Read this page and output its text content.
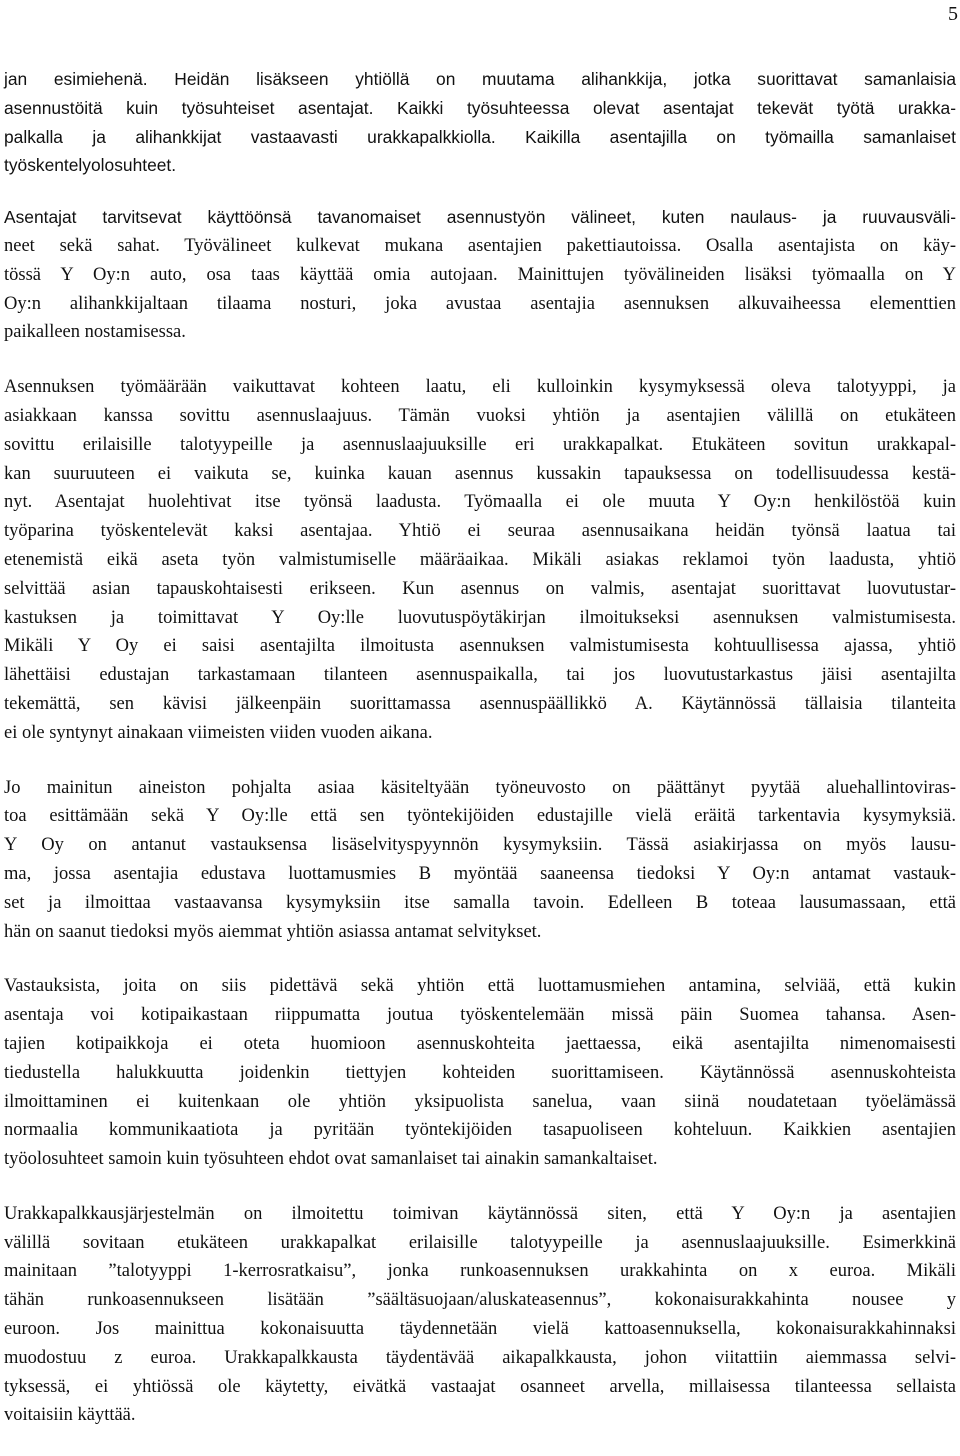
5
jan esimiehenä. Heidän lisäkseen yhtiöllä on muutama alihankkija, jotka suorittavat samanlaisia
asennustöitä kuin työsuhteiset asentajat. Kaikki työsuhteessa olevat asentajat tekevät työtä urakka-
palkalla ja alihankkijat vastaavasti urakkapalkkiolla. Kaikilla asentajilla on työmailla samanlaiset
työskentelyolosuhteet.
Asentajat tarvitsevat käyttöönsä tavanomaiset asennustyön välineet, kuten naulaus- ja ruuvausväli-
neet sekä sahat. Työvälineet kulkevat mukana asentajien pakettiautoissa. Osalla asentajista on käy-
tössä Y Oy:n auto, osa taas käyttää omia autojaan. Mainittujen työvälineiden lisäksi työmaalla on Y
Oy:n alihankkijaltaan tilaama nosturi, joka avustaa asentajia asennuksen alkuvaiheessa elementtien
paikalleen nostamisessa.
Asennuksen työmäärään vaikuttavat kohteen laatu, eli kulloinkin kysymyksessä oleva talotyyppi, ja
asiakkaan kanssa sovittu asennuslaajuus. Tämän vuoksi yhtiön ja asentajien välillä on etukäteen
sovittu erilaisille talotyypeille ja asennuslaajuuksille eri urakkapalkat. Etukäteen sovitun urakkapal-
kan suuruuteen ei vaikuta se, kuinka kauan asennus kussakin tapauksessa on todellisuudessa kestä-
nyt. Asentajat huolehtivat itse työnsä laadusta. Työmaalla ei ole muuta Y Oy:n henkilöstöä kuin
työparina työskentelevät kaksi asentajaa. Yhtiö ei seuraa asennusaikana heidän työnsä laatua tai
etenemistä eikä aseta työn valmistumiselle määräaikaa. Mikäli asiakas reklamoi työn laadusta, yhtiö
selvittää asian tapauskohtaisesti erikseen. Kun asennus on valmis, asentajat suorittavat luovutustar-
kastuksen ja toimittavat Y Oy:lle luovutuspöytäkirjan ilmoitukseksi asennuksen valmistumisesta.
Mikäli Y Oy ei saisi asentajilta ilmoitusta asennuksen valmistumisesta kohtuullisessa ajassa, yhtiö
lähettäisi edustajan tarkastamaan tilanteen asennuspaikalla, tai jos luovutustarkastus jäisi asentajilta
tekemättä, sen kävisi jälkeenpäin suorittamassa asennuspäällikkö A. Käytännössä tällaisia tilanteita
ei ole syntynyt ainakaan viimeisten viiden vuoden aikana.
Jo mainitun aineiston pohjalta asiaa käsiteltyään työneuvosto on päättänyt pyytää aluehallintoviras-
toa esittämään sekä Y Oy:lle että sen työntekijöiden edustajille vielä eräitä tarkentavia kysymyksiä.
Y Oy on antanut vastauksensa lisäselvityspyynnön kysymyksiin. Tässä asiakirjassa on myös lausu-
ma, jossa asentajia edustava luottamusmies B myöntää saaneensa tiedoksi Y Oy:n antamat vastauk-
set ja ilmoittaa vastaavansa kysymyksiin itse samalla tavoin. Edelleen B toteaa lausumassaan, että
hän on saanut tiedoksi myös aiemmat yhtiön asiassa antamat selvitykset.
Vastauksista, joita on siis pidettävä sekä yhtiön että luottamusmiehen antamina, selviää, että kukin
asentaja voi kotipaikastaan riippumatta joutua työskentelemään missä päin Suomea tahansa. Asen-
tajien kotipaikkoja ei oteta huomioon asennuskohteita jaettaessa, eikä asentajilta nimenomaisesti
tiedustella halukkuutta joidenkin tiettyjen kohteiden suorittamiseen. Käytännössä asennuskohteista
ilmoittaminen ei kuitenkaan ole yhtiön yksipuolista sanelua, vaan siinä noudatetaan työelämässä
normaalia kommunikaatiota ja pyritään työntekijöiden tasapuoliseen kohteluun. Kaikkien asentajien
työolosuhteet samoin kuin työsuhteen ehdot ovat samanlaiset tai ainakin samankaltaiset.
Urakkapalkkausjärjestelmän on ilmoitettu toimivan käytännössä siten, että Y Oy:n ja asentajien
välillä sovitaan etukäteen urakkapalkat erilaisille talotyypeille ja asennuslaajuuksille. Esimerkkinä
mainitaan ”talotyyppi 1-kerrosratkaisu”, jonka runkoasennuksen urakkahinta on x euroa. Mikäli
tähän runkoasennukseen lisätään ”säältäsuojaan/aluskateasennus”, kokonaisurakkahinta nousee y
euroon. Jos mainittua kokonaisuutta täydennetään vielä kattoasennuksella, kokonaisurakkahinnaksi
muodostuu z euroa. Urakkapalkkausta täydentävää aikapalkkausta, johon viitattiin aiemmassa selvi-
tyksessä, ei yhtiössä ole käytetty, eivätkä vastaajat osanneet arvella, millaisessa tilanteessa sellaista
voitaisiin käyttää.
